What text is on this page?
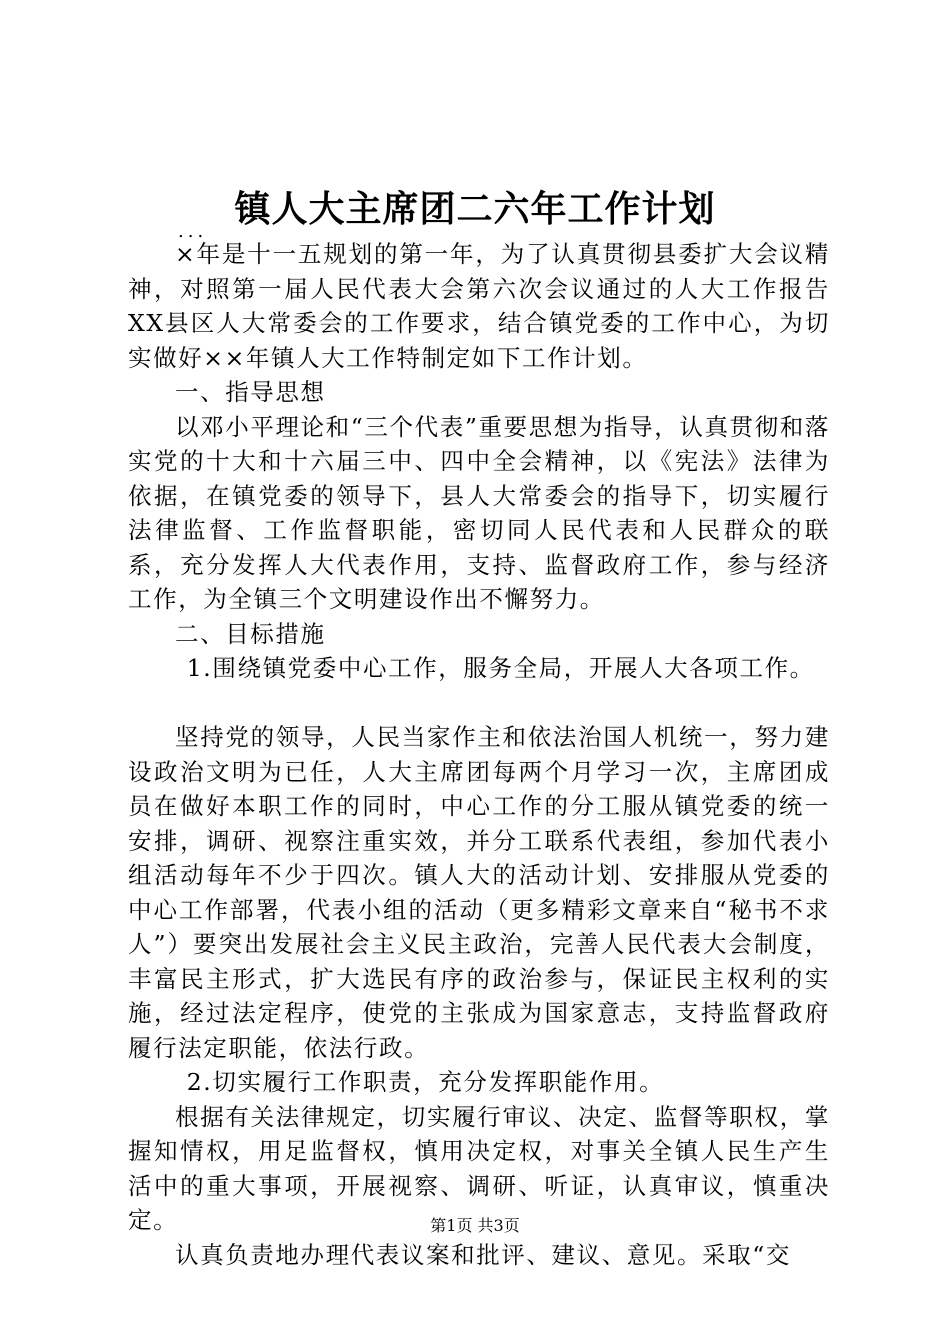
镇人大主席团二六年工作计划
...

×年是十一五规划的第一年，为了认真贯彻县委扩大会议精神，对照第一届人民代表大会第六次会议通过的人大工作报告XX县区人大常委会的工作要求，结合镇党委的工作中心，为切实做好××年镇人大工作特制定如下工作计划。

一、指导思想

以邓小平理论和“三个代表”重要思想为指导，认真贯彻和落实党的十大和十六届三中、四中全会精神，以《宪法》法律为依据，在镇党委的领导下，县人大常委会的指导下，切实履行法律监督、工作监督职能，密切同人民代表和人民群众的联系，充分发挥人大代表作用，支持、监督政府工作，参与经济工作，为全镇三个文明建设作出不懈努力。

二、目标措施

1.围绕镇党委中心工作，服务全局，开展人大各项工作。

坚持党的领导，人民当家作主和依法治国人机统一，努力建设政治文明为已任，人大主席团每两个月学习一次，主席团成员在做好本职工作的同时，中心工作的分工服从镇党委的统一安排，调研、视察注重实效，并分工联系代表组，参加代表小组活动每年不少于四次。镇人大的活动计划、安排服从党委的中心工作部署，代表小组的活动（更多精彩文章来自“秘书不求人”）要突出发展社会主义民主政治，完善人民代表大会制度，丰富民主形式，扩大选民有序的政治参与，保证民主权利的实施，经过法定程序，使党的主张成为国家意志，支持监督政府履行法定职能，依法行政。

2.切实履行工作职责，充分发挥职能作用。

根据有关法律规定，切实履行审议、决定、监督等职权，掌握知情权，用足监督权，慎用决定权，对事关全镇人民生产生活中的重大事项，开展视察、调研、听证，认真审议，慎重决定。

认真负责地办理代表议案和批评、建议、意见。采取“交

第1页 共3页
